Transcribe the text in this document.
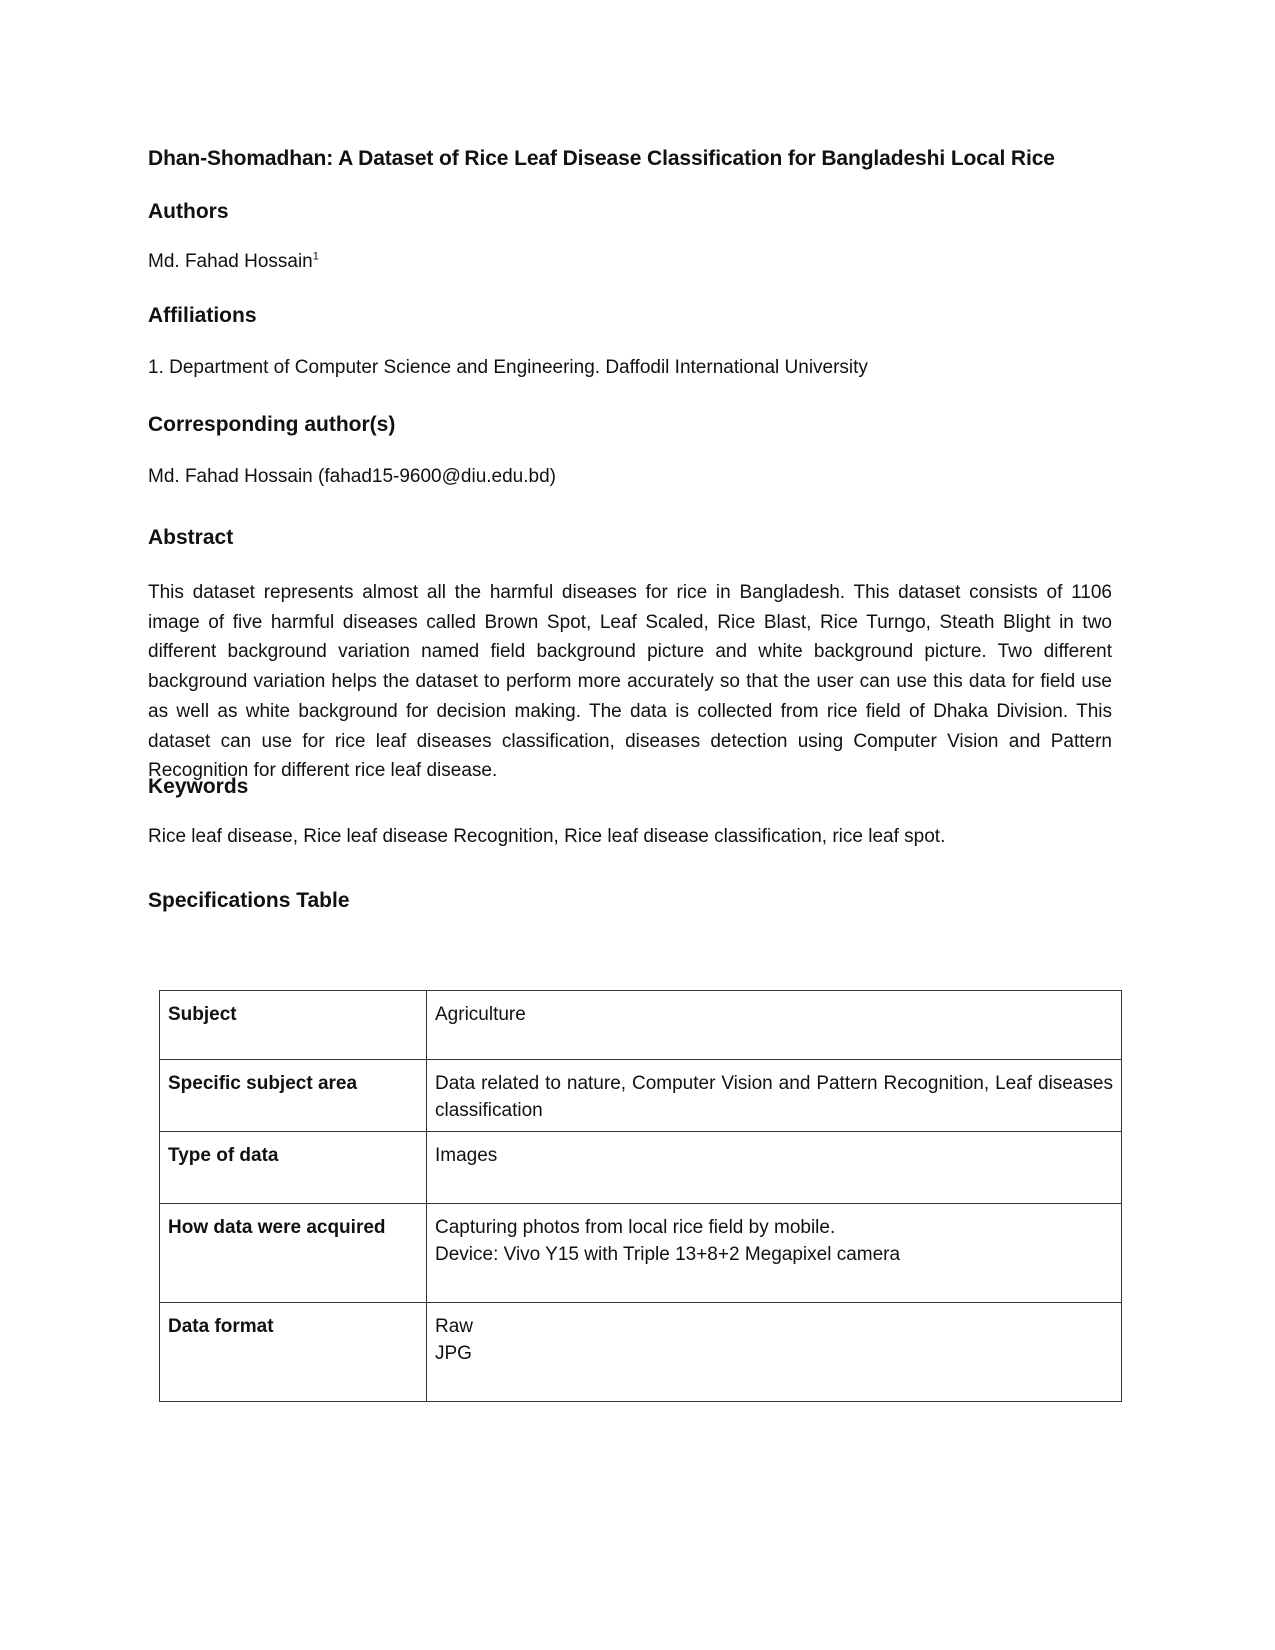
Dhan-Shomadhan: A Dataset of Rice Leaf Disease Classification for Bangladeshi Local Rice
Authors

Md. Fahad Hossain$^1$

Affiliations

1. Department of Computer Science and Engineering. Daffodil International University

Corresponding author(s)

Md. Fahad Hossain (fahad15-9600@diu.edu.bd)

Abstract

This dataset represents almost all the harmful diseases for rice in Bangladesh. This dataset consists of 1106 image of five harmful diseases called Brown Spot, Leaf Scaled, Rice Blast, Rice Turngo, Steath Blight in two different background variation named field background picture and white background picture. Two different background variation helps the dataset to perform more accurately so that the user can use this data for field use as well as white background for decision making. The data is collected from rice field of Dhaka Division. This dataset can use for rice leaf diseases classification, diseases detection using Computer Vision and Pattern Recognition for different rice leaf disease.

Keywords

Rice leaf disease, Rice leaf disease Recognition, Rice leaf disease classification, rice leaf spot.

Specifications Table
Subject	Agriculture

Specific subject area	Data related to nature, Computer Vision and Pattern Recognition, Leaf diseases classification

Type of data	Images

How data were acquired	Capturing photos from local rice field by mobile.
Device: Vivo Y15 with Triple 13+8+2 Megapixel camera

Data format	Raw
JPG
